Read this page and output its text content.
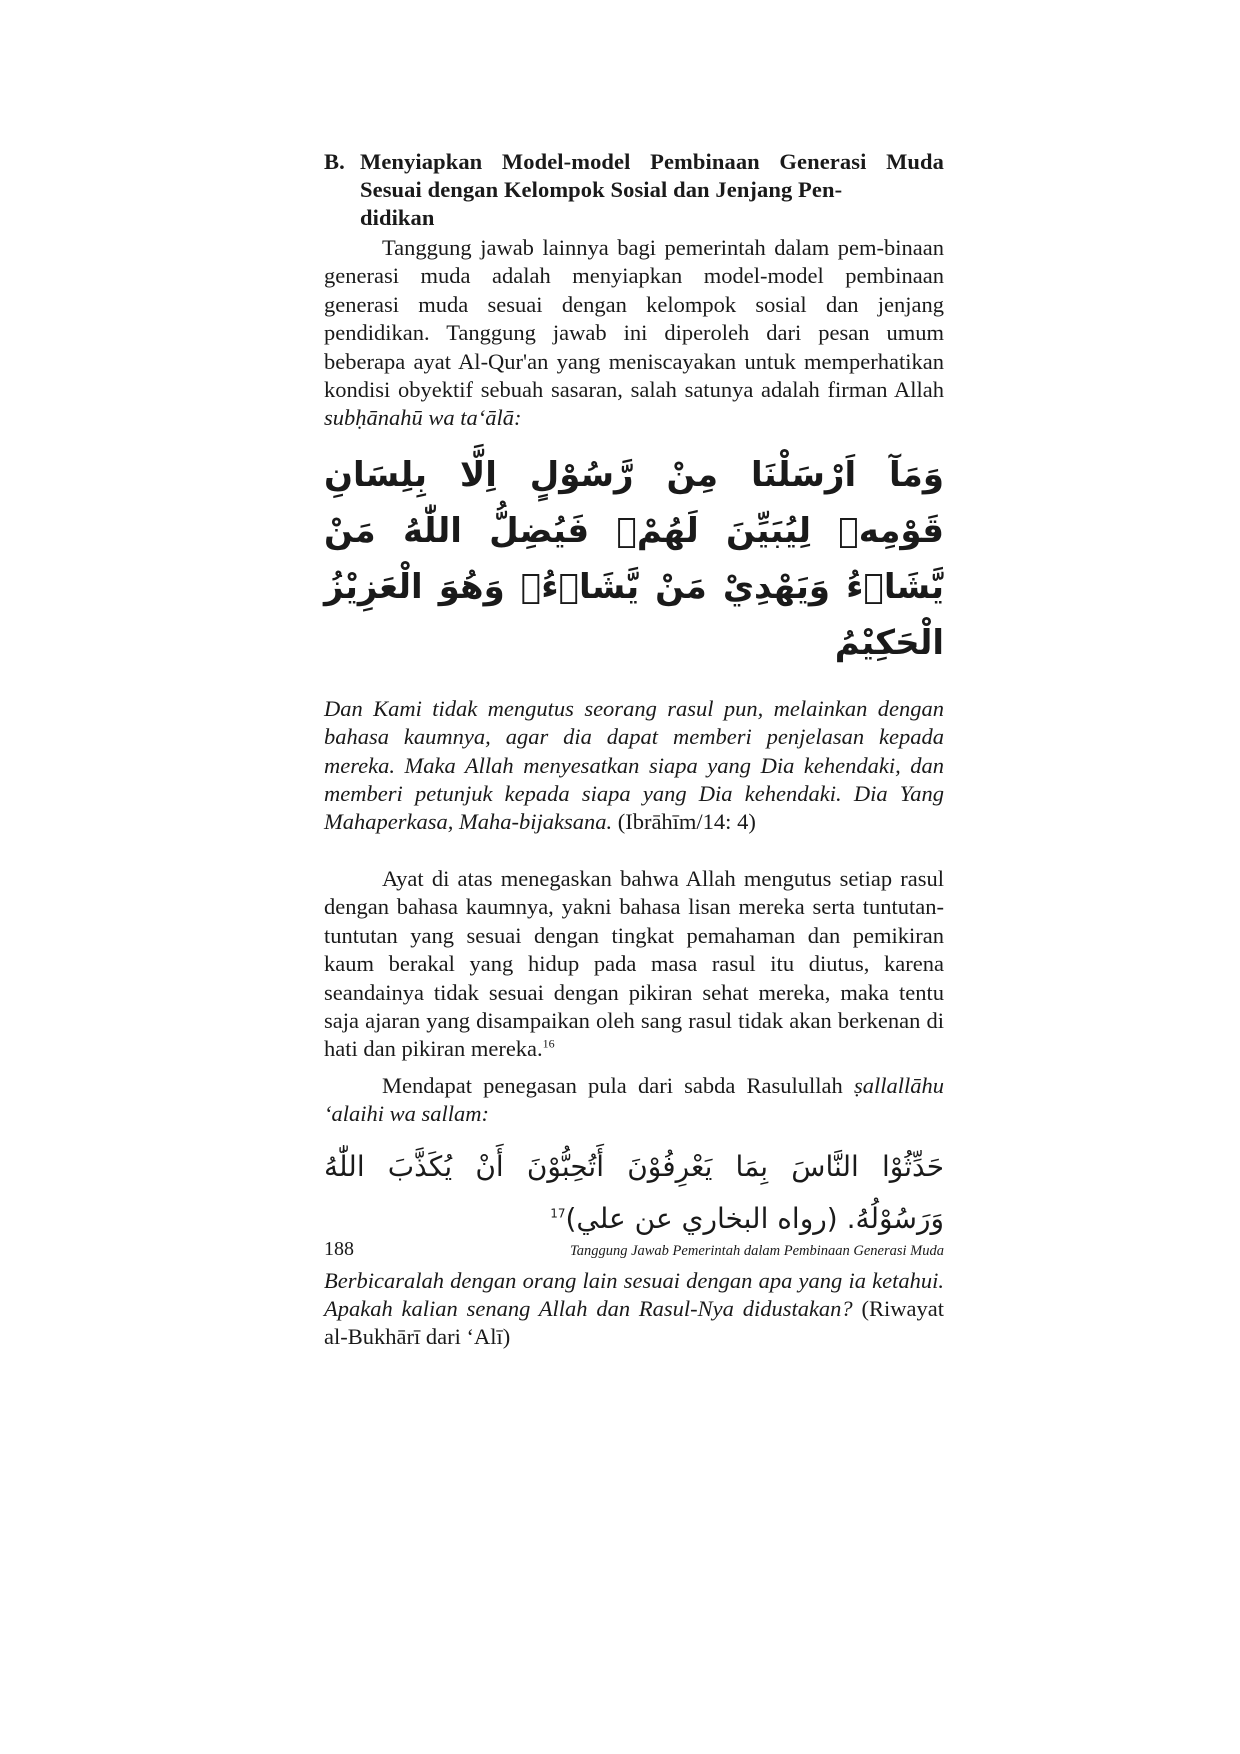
B. Menyiapkan Model-model Pembinaan Generasi Muda Sesuai dengan Kelompok Sosial dan Jenjang Pen-
didikan

Tanggung jawab lainnya bagi pemerintah dalam pem-binaan generasi muda adalah menyiapkan model-model pembinaan generasi muda sesuai dengan kelompok sosial dan jenjang pendidikan. Tanggung jawab ini diperoleh dari pesan umum beberapa ayat Al-Qur'an yang meniscayakan untuk memperhatikan kondisi obyektif sebuah sasaran, salah satunya adalah firman Allah subḥānahū wa ta‘ālā:

وَمَآ اَرْسَلْنَا مِنْ رَّسُوْلٍ اِلَّا بِلِسَانِ قَوْمِهٖ لِيُبَيِّنَ لَهُمْۗ فَيُضِلُّ اللّٰهُ مَنْ يَّشَاۤءُ وَيَهْدِيْ مَنْ يَّشَاۤءُۗ وَهُوَ الْعَزِيْزُ الْحَكِيْمُ

Dan Kami tidak mengutus seorang rasul pun, melainkan dengan bahasa kaumnya, agar dia dapat memberi penjelasan kepada mereka. Maka Allah menyesatkan siapa yang Dia kehendaki, dan memberi petunjuk kepada siapa yang Dia kehendaki. Dia Yang Mahaperkasa, Maha-bijaksana. (Ibrāhīm/14: 4)

Ayat di atas menegaskan bahwa Allah mengutus setiap rasul dengan bahasa kaumnya, yakni bahasa lisan mereka serta tuntutan-tuntutan yang sesuai dengan tingkat pemahaman dan pemikiran kaum berakal yang hidup pada masa rasul itu diutus, karena seandainya tidak sesuai dengan pikiran sehat mereka, maka tentu saja ajaran yang disampaikan oleh sang rasul tidak akan berkenan di hati dan pikiran mereka.$^{16}$

Mendapat penegasan pula dari sabda Rasulullah ṣallallāhu ‘alaihi wa sallam:

حَدِّثُوْا النَّاسَ بِمَا يَعْرِفُوْنَ أَتُحِبُّوْنَ أَنْ يُكَذَّبَ اللّٰهُ وَرَسُوْلُهُ. (رواه البخاري عن علي)$^{17}$

Berbicaralah dengan orang lain sesuai dengan apa yang ia ketahui. Apakah kalian senang Allah dan Rasul-Nya didustakan? (Riwayat al-Bukhārī dari ‘Alī)

188	Tanggung Jawab Pemerintah dalam Pembinaan Generasi Muda
